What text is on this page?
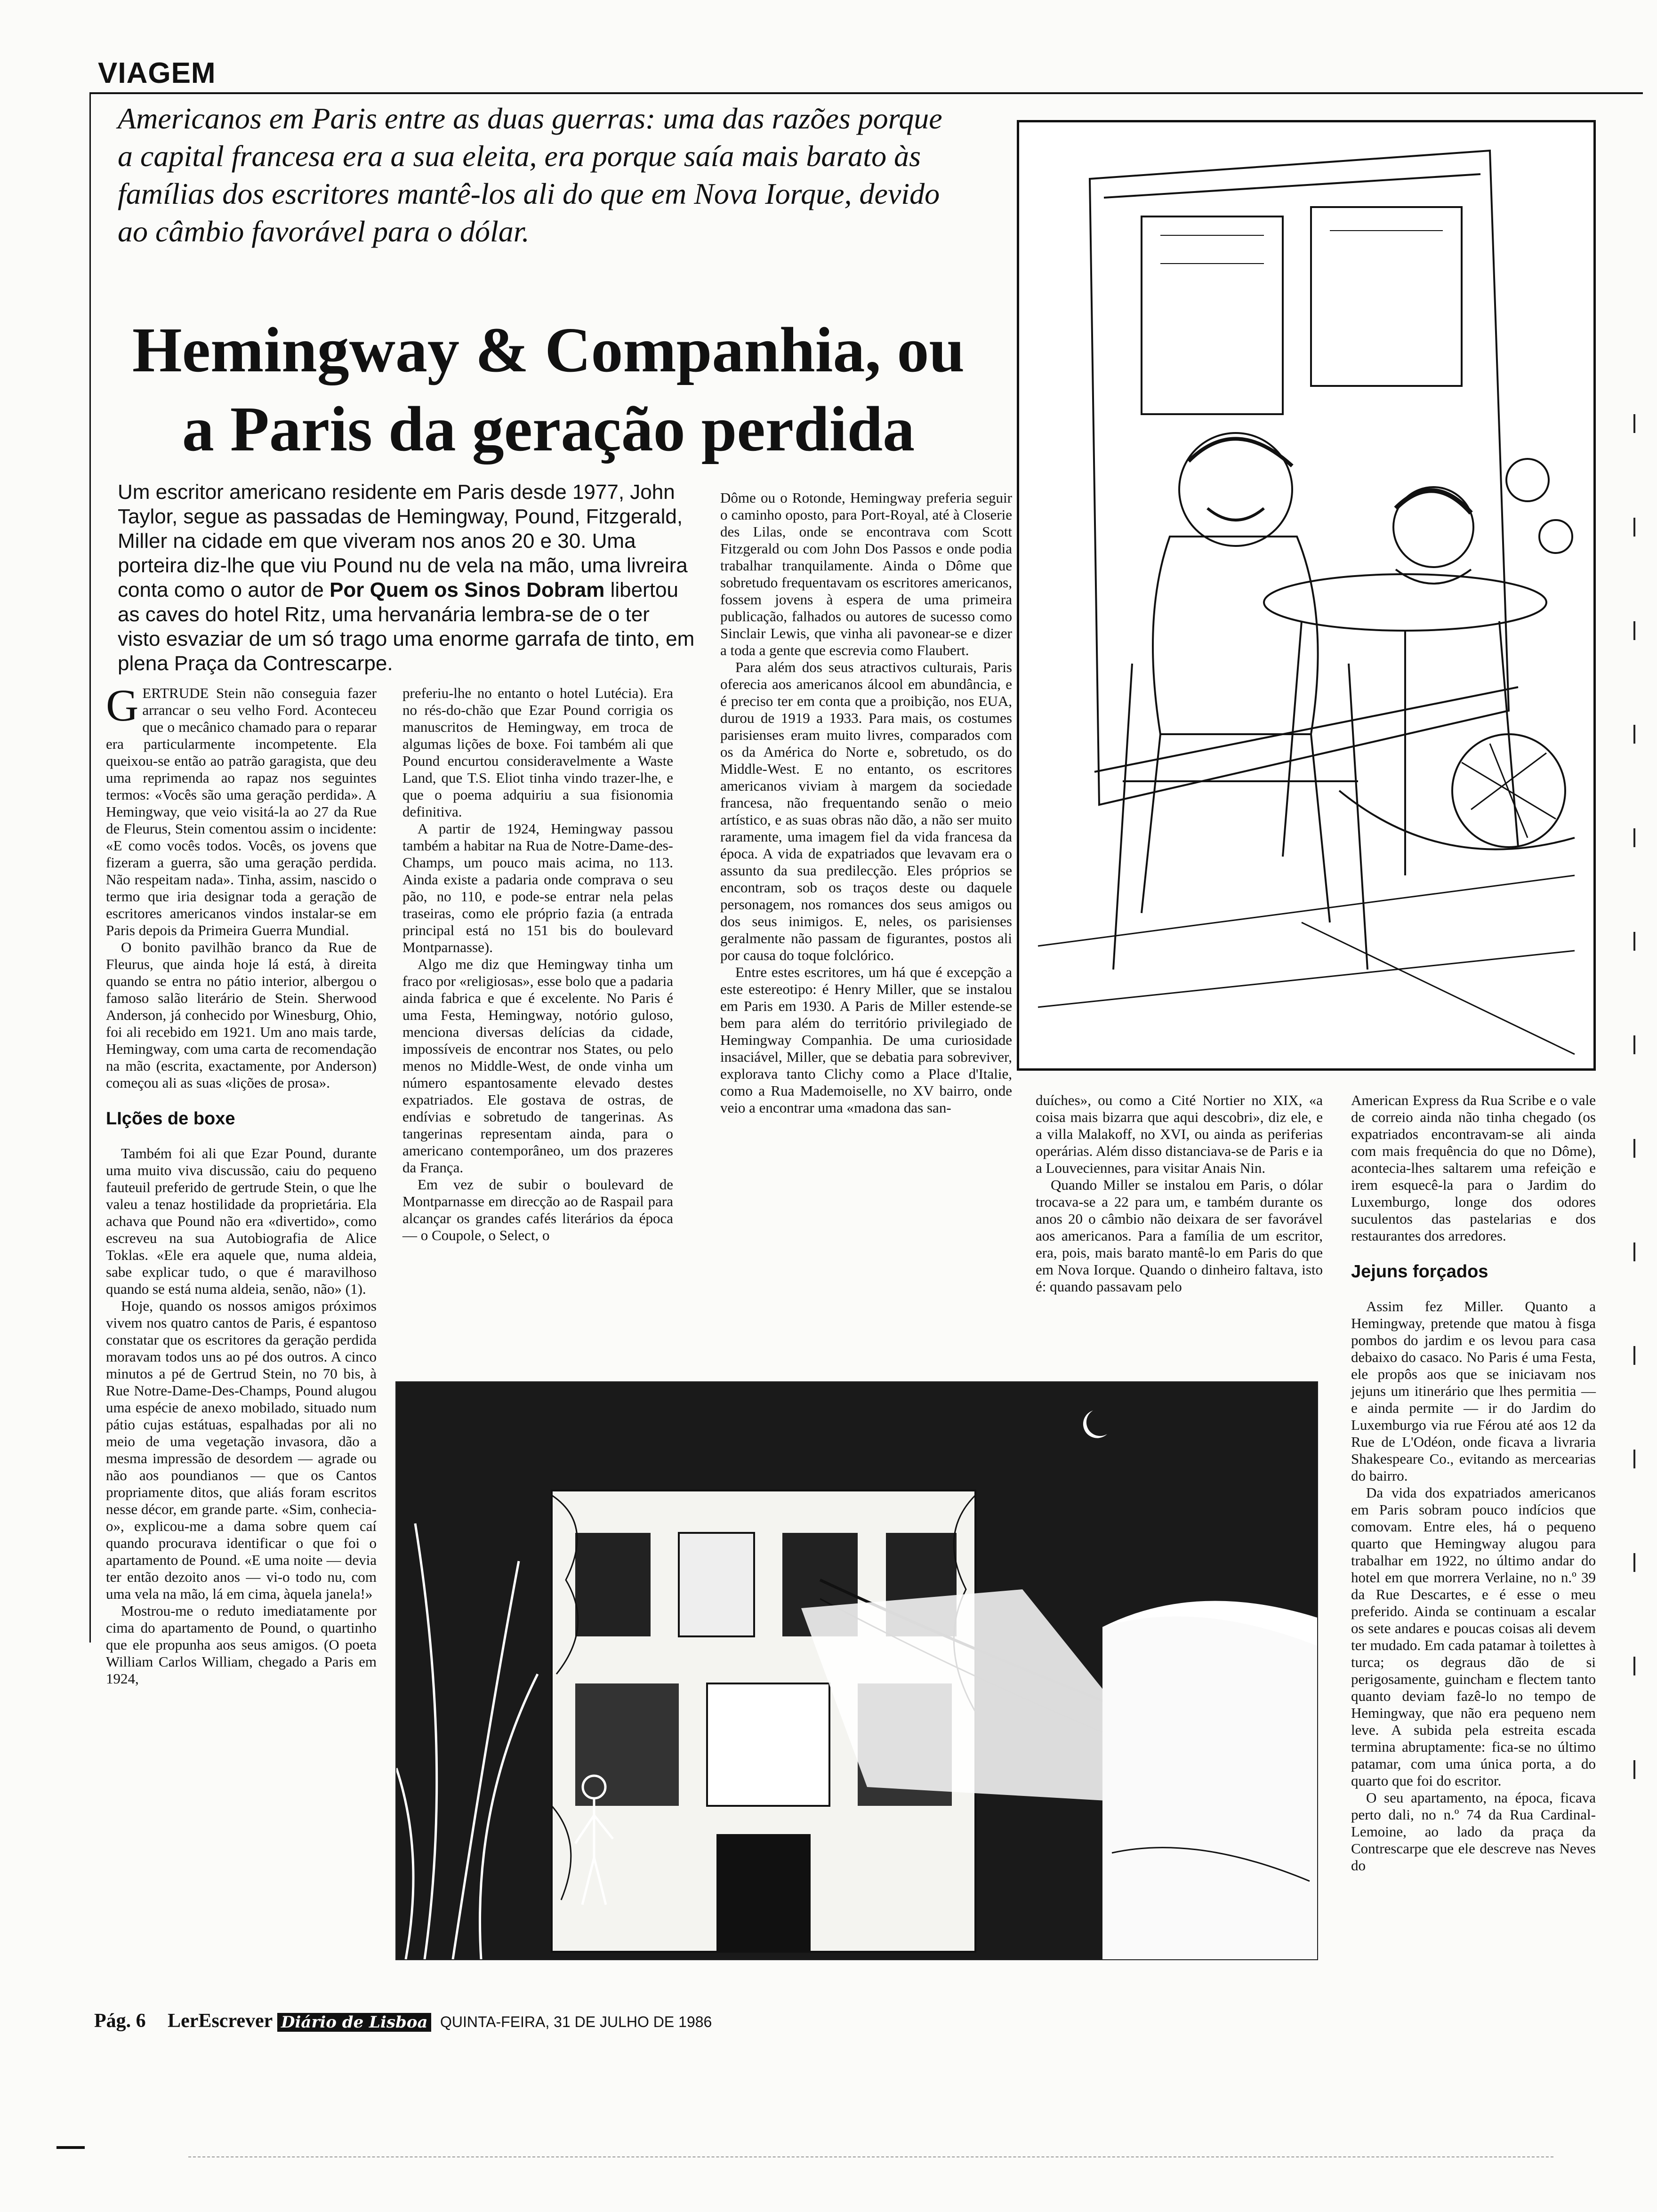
VIAGEM
Americanos em Paris entre as duas guerras: uma das razões porque a capital francesa era a sua eleita, era porque saía mais barato às famílias dos escritores mantê-los ali do que em Nova Iorque, devido ao câmbio favorável para o dólar.
Hemingway & Companhia, ou
a Paris da geração perdida
Um escritor americano residente em Paris desde 1977, John Taylor, segue as passadas de Hemingway, Pound, Fitzgerald, Miller na cidade em que viveram nos anos 20 e 30. Uma porteira diz-lhe que viu Pound nu de vela na mão, uma livreira conta como o autor de Por Quem os Sinos Dobram libertou as caves do hotel Ritz, uma hervanária lembra-se de o ter visto esvaziar de um só trago uma enorme garrafa de tinto, em plena Praça da Contrescarpe.

GERTRUDE Stein não conseguia fazer arrancar o seu velho Ford. Aconteceu que o mecânico chamado para o reparar era particularmente incompetente. Ela queixou-se então ao patrão garagista, que deu uma reprimenda ao rapaz nos seguintes termos: «Vocês são uma geração perdida». A Hemingway, que veio visitá-la ao 27 da Rue de Fleurus, Stein comentou assim o incidente: «E como vocês todos. Vocês, os jovens que fizeram a guerra, são uma geração perdida. Não respeitam nada». Tinha, assim, nascido o termo que iria designar toda a geração de escritores americanos vindos instalar-se em Paris depois da Primeira Guerra Mundial.

O bonito pavilhão branco da Rue de Fleurus, que ainda hoje lá está, à direita quando se entra no pátio interior, albergou o famoso salão literário de Stein. Sherwood Anderson, já conhecido por Winesburg, Ohio, foi ali recebido em 1921. Um ano mais tarde, Hemingway, com uma carta de recomendação na mão (escrita, exactamente, por Anderson) começou ali as suas «lições de prosa».

LIções de boxe

Também foi ali que Ezar Pound, durante uma muito viva discussão, caiu do pequeno fauteuil preferido de gertrude Stein, o que lhe valeu a tenaz hostilidade da proprietária. Ela achava que Pound não era «divertido», como escreveu na sua Autobiografia de Alice Toklas. «Ele era aquele que, numa aldeia, sabe explicar tudo, o que é maravilhoso quando se está numa aldeia, senão, não» (1).

Hoje, quando os nossos amigos próximos vivem nos quatro cantos de Paris, é espantoso constatar que os escritores da geração perdida moravam todos uns ao pé dos outros. A cinco minutos a pé de Gertrud Stein, no 70 bis, à Rue Notre-Dame-Des-Champs, Pound alugou uma espécie de anexo mobilado, situado num pátio cujas estátuas, espalhadas por ali no meio de uma vegetação invasora, dão a mesma impressão de desordem — agrade ou não aos poundianos — que os Cantos propriamente ditos, que aliás foram escritos nesse décor, em grande parte. «Sim, conhecia-o», explicou-me a dama sobre quem caí quando procurava identificar o que foi o apartamento de Pound. «E uma noite — devia ter então dezoito anos — vi-o todo nu, com uma vela na mão, lá em cima, àquela janela!»

Mostrou-me o reduto imediatamente por cima do apartamento de Pound, o quartinho que ele propunha aos seus amigos. (O poeta William Carlos William, chegado a Paris em 1924,

preferiu-lhe no entanto o hotel Lutécia). Era no rés-do-chão que Ezar Pound corrigia os manuscritos de Hemingway, em troca de algumas lições de boxe. Foi também ali que Pound encurtou consideravelmente a Waste Land, que T.S. Eliot tinha vindo trazer-lhe, e que o poema adquiriu a sua fisionomia definitiva.

A partir de 1924, Hemingway passou também a habitar na Rua de Notre-Dame-des-Champs, um pouco mais acima, no 113. Ainda existe a padaria onde comprava o seu pão, no 110, e pode-se entrar nela pelas traseiras, como ele próprio fazia (a entrada principal está no 151 bis do boulevard Montparnasse).

Algo me diz que Hemingway tinha um fraco por «religiosas», esse bolo que a padaria ainda fabrica e que é excelente. No Paris é uma Festa, Hemingway, notório guloso, menciona diversas delícias da cidade, impossíveis de encontrar nos States, ou pelo menos no Middle-West, de onde vinha um número espantosamente elevado destes expatriados. Ele gostava de ostras, de endívias e sobretudo de tangerinas. As tangerinas representam ainda, para o americano contemporâneo, um dos prazeres da França.

Em vez de subir o boulevard de Montparnasse em direcção ao de Raspail para alcançar os grandes cafés literários da época — o Coupole, o Select, o

Dôme ou o Rotonde, Hemingway preferia seguir o caminho oposto, para Port-Royal, até à Closerie des Lilas, onde se encontrava com Scott Fitzgerald ou com John Dos Passos e onde podia trabalhar tranquilamente. Ainda o Dôme que sobretudo frequentavam os escritores americanos, fossem jovens à espera de uma primeira publicação, falhados ou autores de sucesso como Sinclair Lewis, que vinha ali pavonear-se e dizer a toda a gente que escrevia como Flaubert.

Para além dos seus atractivos culturais, Paris oferecia aos americanos álcool em abundância, e é preciso ter em conta que a proibição, nos EUA, durou de 1919 a 1933. Para mais, os costumes parisienses eram muito livres, comparados com os da América do Norte e, sobretudo, os do Middle-West. E no entanto, os escritores americanos viviam à margem da sociedade francesa, não frequentando senão o meio artístico, e as suas obras não dão, a não ser muito raramente, uma imagem fiel da vida francesa da época. A vida de expatriados que levavam era o assunto da sua predilecção. Eles próprios se encontram, sob os traços deste ou daquele personagem, nos romances dos seus amigos ou dos seus inimigos. E, neles, os parisienses geralmente não passam de figurantes, postos ali por causa do toque folclórico.

Entre estes escritores, um há que é excepção a este estereotipo: é Henry Miller, que se instalou em Paris em 1930. A Paris de Miller estende-se bem para além do território privilegiado de Hemingway Companhia. De uma curiosidade insaciável, Miller, que se debatia para sobreviver, explorava tanto Clichy como a Place d'Italie, como a Rua Mademoiselle, no XV bairro, onde veio a encontrar uma «madona das san-	duíches», ou como a Cité Nortier no XIX, «a coisa mais bizarra que aqui descobri», diz ele, e a villa Malakoff, no XVI, ou ainda as periferias operárias. Além disso distanciava-se de Paris e ia a Louveciennes, para visitar Anais Nin.

Quando Miller se instalou em Paris, o dólar trocava-se a 22 para um, e também durante os anos 20 o câmbio não deixara de ser favorável aos americanos. Para a família de um escritor, era, pois, mais barato mantê-lo em Paris do que em Nova Iorque. Quando o dinheiro faltava, isto é: quando passavam pelo

American Express da Rua Scribe e o vale de correio ainda não tinha chegado (os expatriados encontravam-se ali ainda com mais frequência do que no Dôme), acontecia-lhes saltarem uma refeição e irem esquecê-la para o Jardim do Luxemburgo, longe dos odores suculentos das pastelarias e dos restaurantes dos arredores.

Jejuns forçados

Assim fez Miller. Quanto a Hemingway, pretende que matou à fisga pombos do jardim e os levou para casa debaixo do casaco. No Paris é uma Festa, ele propôs aos que se iniciavam nos jejuns um itinerário que lhes permitia — e ainda permite — ir do Jardim do Luxemburgo via rue Férou até aos 12 da Rue de L'Odéon, onde ficava a livraria Shakespeare Co., evitando as mercearias do bairro.

Da vida dos expatriados americanos em Paris sobram pouco indícios que comovam. Entre eles, há o pequeno quarto que Hemingway alugou para trabalhar em 1922, no último andar do hotel em que morrera Verlaine, no n.º 39 da Rue Descartes, e é esse o meu preferido. Ainda se continuam a escalar os sete andares e poucas coisas ali devem ter mudado. Em cada patamar à toilettes à turca; os degraus dão de si perigosamente, guincham e flectem tanto quanto deviam fazê-lo no tempo de Hemingway, que não era pequeno nem leve. A subida pela estreita escada termina abruptamente: fica-se no último patamar, com uma única porta, a do quarto que foi do escritor.

O seu apartamento, na época, ficava perto dali, no n.º 74 da Rua Cardinal-Lemoine, ao lado da praça da Contrescarpe que ele descreve nas Neves do

Pág. 6 LerEscrever Diário de Lisboa QUINTA-FEIRA, 31 DE JULHO DE 1986
